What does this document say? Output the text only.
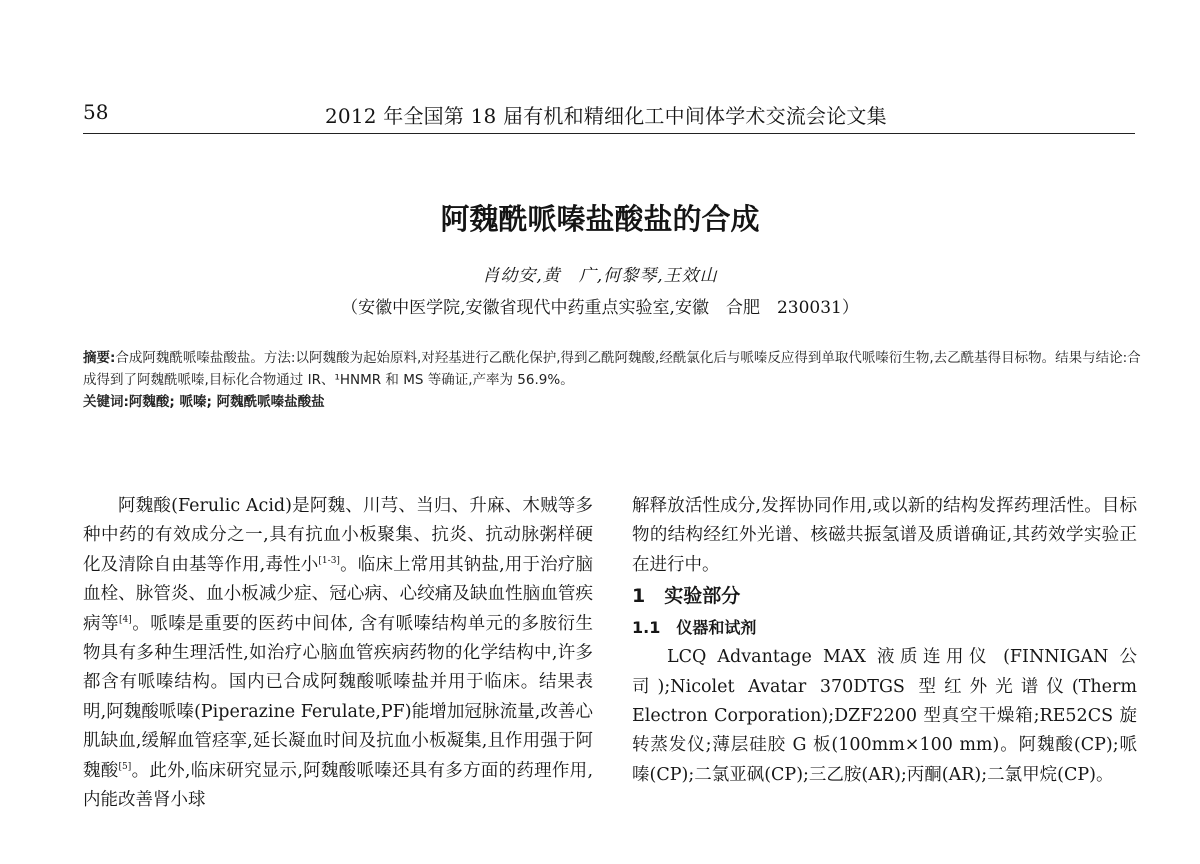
58	2012 年全国第 18 届有机和精细化工中间体学术交流会论文集
阿魏酰哌嗪盐酸盐的合成
肖幼安,黄　广,何黎琴,王效山
（安徽中医学院,安徽省现代中药重点实验室,安徽　合肥　230031）
摘要:合成阿魏酰哌嗪盐酸盐。方法:以阿魏酸为起始原料,对羟基进行乙酰化保护,得到乙酰阿魏酸,经酰氯化后与哌嗪反应得到单取代哌嗪衍生物,去乙酰基得目标物。结果与结论:合成得到了阿魏酰哌嗪,目标化合物通过 IR、¹HNMR 和 MS 等确证,产率为 56.9%。
关键词:阿魏酸; 哌嗪; 阿魏酰哌嗪盐酸盐

阿魏酸(Ferulic Acid)是阿魏、川芎、当归、升麻、木贼等多种中药的有效成分之一,具有抗血小板聚集、抗炎、抗动脉粥样硬化及清除自由基等作用,毒性小[1-3]。临床上常用其钠盐,用于治疗脑血栓、脉管炎、血小板减少症、冠心病、心绞痛及缺血性脑血管疾病等[4]。哌嗪是重要的医药中间体, 含有哌嗪结构单元的多胺衍生物具有多种生理活性,如治疗心脑血管疾病药物的化学结构中,许多都含有哌嗪结构。国内已合成阿魏酸哌嗪盐并用于临床。结果表明,阿魏酸哌嗪(Piperazine Ferulate,PF)能增加冠脉流量,改善心肌缺血,缓解血管痉挛,延长凝血时间及抗血小板凝集,且作用强于阿魏酸[5]。此外,临床研究显示,阿魏酸哌嗪还具有多方面的药理作用,内能改善肾小球

解释放活性成分,发挥协同作用,或以新的结构发挥药理活性。目标物的结构经红外光谱、核磁共振氢谱及质谱确证,其药效学实验正在进行中。

1　实验部分
1.1　仪器和试剂

LCQ Advantage MAX 液质连用仪 (FINNIGAN 公司);Nicolet Avatar 370DTGS 型红外光谱仪(Therm Electron Corporation);DZF2200 型真空干燥箱;RE52CS 旋转蒸发仪;薄层硅胶 G 板(100mm×100 mm)。阿魏酸(CP);哌嗪(CP);二氯亚砜(CP);三乙胺(AR);丙酮(AR);二氯甲烷(CP)。
